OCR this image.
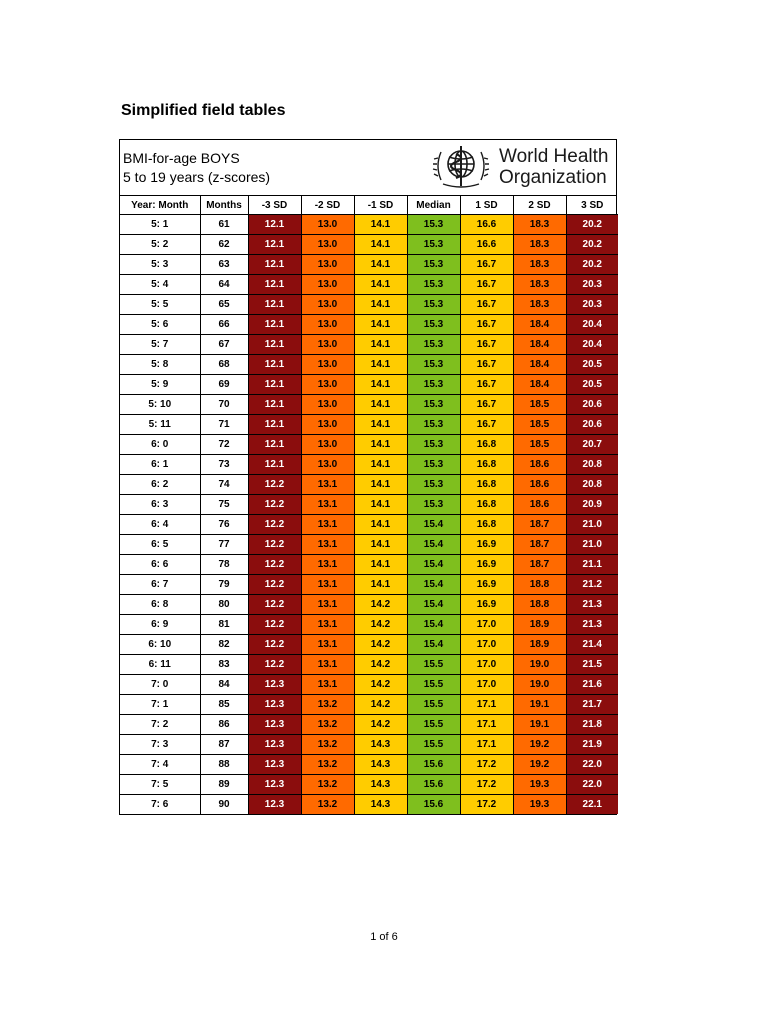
Simplified field tables
BMI-for-age BOYS
5 to 19 years (z-scores)
World Health
Organization
Year: Month	Months	-3 SD	-2 SD	-1 SD	Median	1 SD	2 SD	3 SD
5: 1	61	12.1	13.0	14.1	15.3	16.6	18.3	20.2
5: 2	62	12.1	13.0	14.1	15.3	16.6	18.3	20.2
5: 3	63	12.1	13.0	14.1	15.3	16.7	18.3	20.2
5: 4	64	12.1	13.0	14.1	15.3	16.7	18.3	20.3
5: 5	65	12.1	13.0	14.1	15.3	16.7	18.3	20.3
5: 6	66	12.1	13.0	14.1	15.3	16.7	18.4	20.4
5: 7	67	12.1	13.0	14.1	15.3	16.7	18.4	20.4
5: 8	68	12.1	13.0	14.1	15.3	16.7	18.4	20.5
5: 9	69	12.1	13.0	14.1	15.3	16.7	18.4	20.5
5: 10	70	12.1	13.0	14.1	15.3	16.7	18.5	20.6
5: 11	71	12.1	13.0	14.1	15.3	16.7	18.5	20.6
6: 0	72	12.1	13.0	14.1	15.3	16.8	18.5	20.7
6: 1	73	12.1	13.0	14.1	15.3	16.8	18.6	20.8
6: 2	74	12.2	13.1	14.1	15.3	16.8	18.6	20.8
6: 3	75	12.2	13.1	14.1	15.3	16.8	18.6	20.9
6: 4	76	12.2	13.1	14.1	15.4	16.8	18.7	21.0
6: 5	77	12.2	13.1	14.1	15.4	16.9	18.7	21.0
6: 6	78	12.2	13.1	14.1	15.4	16.9	18.7	21.1
6: 7	79	12.2	13.1	14.1	15.4	16.9	18.8	21.2
6: 8	80	12.2	13.1	14.2	15.4	16.9	18.8	21.3
6: 9	81	12.2	13.1	14.2	15.4	17.0	18.9	21.3
6: 10	82	12.2	13.1	14.2	15.4	17.0	18.9	21.4
6: 11	83	12.2	13.1	14.2	15.5	17.0	19.0	21.5
7: 0	84	12.3	13.1	14.2	15.5	17.0	19.0	21.6
7: 1	85	12.3	13.2	14.2	15.5	17.1	19.1	21.7
7: 2	86	12.3	13.2	14.2	15.5	17.1	19.1	21.8
7: 3	87	12.3	13.2	14.3	15.5	17.1	19.2	21.9
7: 4	88	12.3	13.2	14.3	15.6	17.2	19.2	22.0
7: 5	89	12.3	13.2	14.3	15.6	17.2	19.3	22.0
7: 6	90	12.3	13.2	14.3	15.6	17.2	19.3	22.1
1 of 6
